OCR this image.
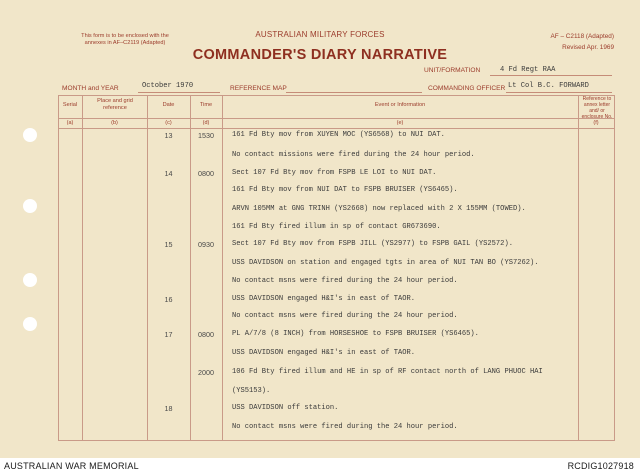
This form is to be enclosed with the annexes in AF–C2119 (Adapted)
AUSTRALIAN MILITARY FORCES
COMMANDER'S DIARY NARRATIVE
AF – C2118 (Adapted)
Revised Apr. 1969
UNIT/FORMATION	4 Fd Regt RAA
MONTH and YEAR	October 1970	REFERENCE MAP	COMMANDING OFFICER Lt Col B.C. FORWARD
Serial
Place and grid reference	Date	Time	Event or Information
Reference to annex letter and/ or enclosure No.
(a)	(b)	(c)	(d)	(e)	(f)
13	1530	161 Fd Bty mov from XUYEN MOC (YS6568) to NUI DAT.
No contact missions were fired during the 24 hour period.
14	0800	Sect 107 Fd Bty mov from FSPB LE LOI to NUI DAT.
161 Fd Bty mov from NUI DAT to FSPB BRUISER (YS6465).
ARVN 105MM at GNG TRINH (YS2668) now replaced with 2 X 155MM (TOWED).
161 Fd Bty fired illum in sp of contact GR673690.
15	0930	Sect 107 Fd Bty mov from FSPB JILL (YS2977) to FSPB GAIL (YS2572).
USS DAVIDSON on station and engaged tgts in area of NUI TAN BO (YS7262).
No contact msns were fired during the 24 hour period.
16	USS DAVIDSON engaged H&I's in east of TAOR.
No contact msns were fired during the 24 hour period.
17	0800	PL A/7/8 (8 INCH) from HORSESHOE to FSPB BRUISER (YS6465).
USS DAVIDSON engaged H&I's in east of TAOR.
2000	106 Fd Bty fired illum and HE in sp of RF contact north of LANG PHUOC HAI
(YS5153).
18	USS DAVIDSON off station.
No contact msns were fired during the 24 hour period.
AUSTRALIAN WAR MEMORIAL	RCDIG1027918
